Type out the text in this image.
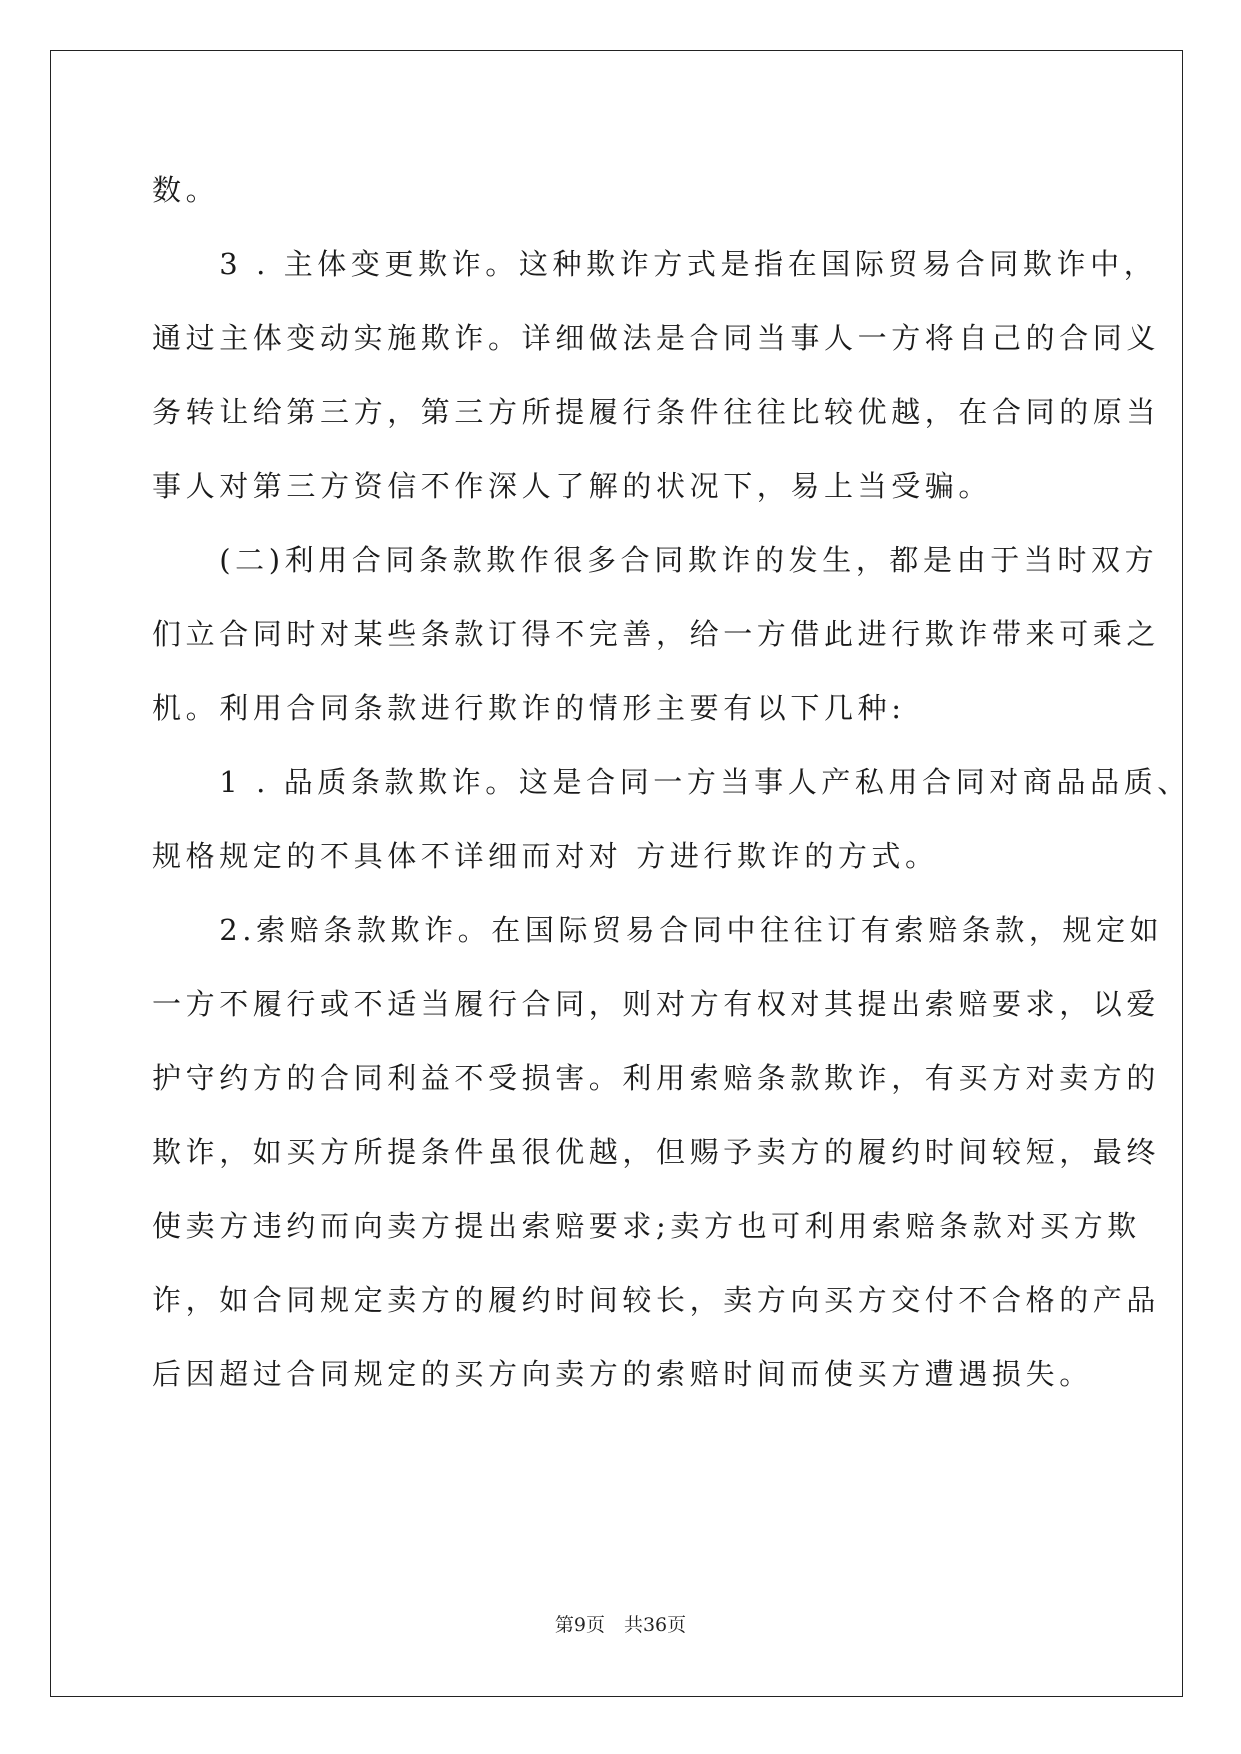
数。
　　3 . 主体变更欺诈。这种欺诈方式是指在国际贸易合同欺诈中，
通过主体变动实施欺诈。详细做法是合同当事人一方将自己的合同义
务转让给第三方，第三方所提履行条件往往比较优越，在合同的原当
事人对第三方资信不作深人了解的状况下，易上当受骗。
　　(二)利用合同条款欺作很多合同欺诈的发生，都是由于当时双方
们立合同时对某些条款订得不完善，给一方借此进行欺诈带来可乘之
机。利用合同条款进行欺诈的情形主要有以下几种:
　　1 . 品质条款欺诈。这是合同一方当事人产私用合同对商品品质、
规格规定的不具体不详细而对对 方进行欺诈的方式。
　　2.索赔条款欺诈。在国际贸易合同中往往订有索赔条款，规定如
一方不履行或不适当履行合同，则对方有权对其提出索赔要求，以爱
护守约方的合同利益不受损害。利用索赔条款欺诈，有买方对卖方的
欺诈，如买方所提条件虽很优越，但赐予卖方的履约时间较短，最终
使卖方违约而向卖方提出索赔要求;卖方也可利用索赔条款对买方欺
诈，如合同规定卖方的履约时间较长，卖方向买方交付不合格的产品
后因超过合同规定的买方向卖方的索赔时间而使买方遭遇损失。
第9页　共36页
